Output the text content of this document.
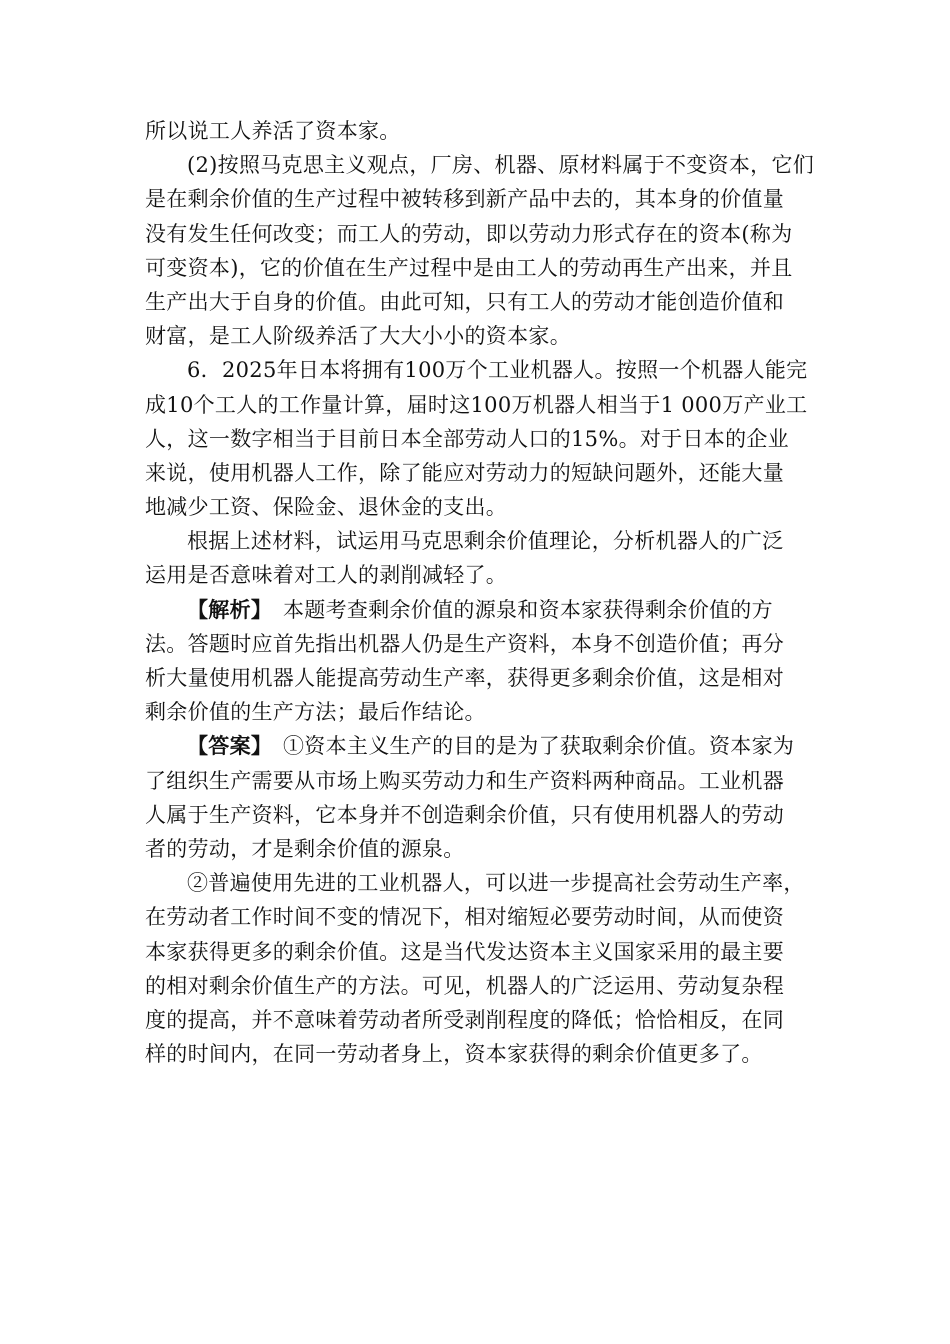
所以说工人养活了资本家。
(2)按照马克思主义观点，厂房、机器、原材料属于不变资本，它们
是在剩余价值的生产过程中被转移到新产品中去的，其本身的价值量
没有发生任何改变；而工人的劳动，即以劳动力形式存在的资本(称为
可变资本)，它的价值在生产过程中是由工人的劳动再生产出来，并且
生产出大于自身的价值。由此可知，只有工人的劳动才能创造价值和
财富，是工人阶级养活了大大小小的资本家。
6．2025年日本将拥有100万个工业机器人。按照一个机器人能完
成10个工人的工作量计算，届时这100万机器人相当于1 000万产业工
人，这一数字相当于目前日本全部劳动人口的15%。对于日本的企业
来说，使用机器人工作，除了能应对劳动力的短缺问题外，还能大量
地减少工资、保险金、退休金的支出。
根据上述材料，试运用马克思剩余价值理论，分析机器人的广泛
运用是否意味着对工人的剥削减轻了。
【解析】　本题考查剩余价值的源泉和资本家获得剩余价值的方
法。答题时应首先指出机器人仍是生产资料，本身不创造价值；再分
析大量使用机器人能提高劳动生产率，获得更多剩余价值，这是相对
剩余价值的生产方法；最后作结论。
【答案】　①资本主义生产的目的是为了获取剩余价值。资本家为
了组织生产需要从市场上购买劳动力和生产资料两种商品。工业机器
人属于生产资料，它本身并不创造剩余价值，只有使用机器人的劳动
者的劳动，才是剩余价值的源泉。
②普遍使用先进的工业机器人，可以进一步提高社会劳动生产率，
在劳动者工作时间不变的情况下，相对缩短必要劳动时间，从而使资
本家获得更多的剩余价值。这是当代发达资本主义国家采用的最主要
的相对剩余价值生产的方法。可见，机器人的广泛运用、劳动复杂程
度的提高，并不意味着劳动者所受剥削程度的降低；恰恰相反，在同
样的时间内，在同一劳动者身上，资本家获得的剩余价值更多了。
